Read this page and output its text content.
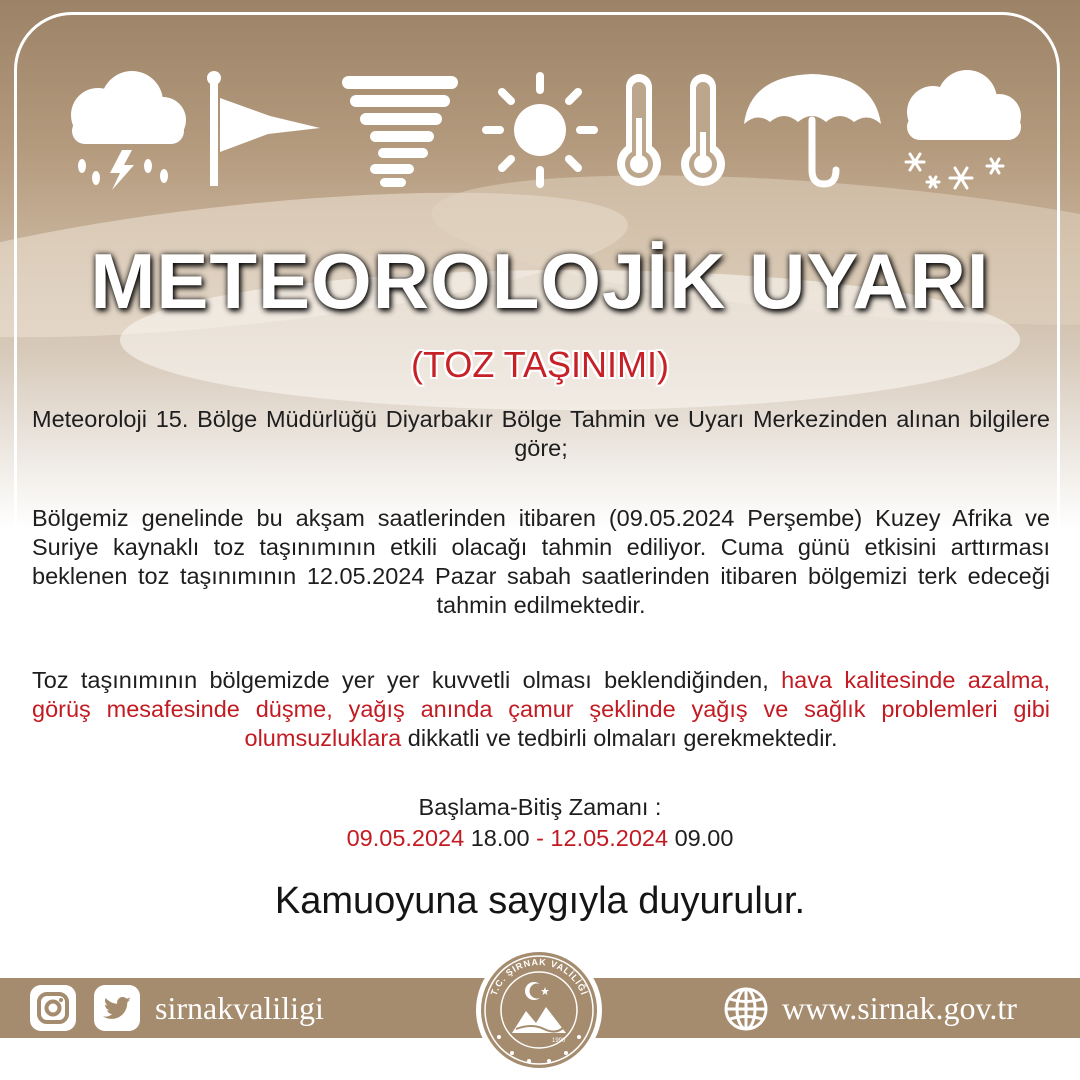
METEOROLOJİK UYARI
(TOZ TAŞINIMI)
Meteoroloji 15. Bölge Müdürlüğü Diyarbakır Bölge Tahmin ve Uyarı Merkezinden alınan bilgilere göre;
Bölgemiz genelinde bu akşam saatlerinden itibaren (09.05.2024 Perşembe) Kuzey Afrika ve Suriye kaynaklı toz taşınımının etkili olacağı tahmin ediliyor. Cuma günü etkisini arttırması beklenen toz taşınımının 12.05.2024 Pazar sabah saatlerinden itibaren bölgemizi terk edeceği tahmin edilmektedir.
Toz taşınımının bölgemizde yer yer kuvvetli olması beklendiğinden, hava kalitesinde azalma, görüş mesafesinde düşme, yağış anında çamur şeklinde yağış ve sağlık problemleri gibi olumsuzluklara dikkatli ve tedbirli olmaları gerekmektedir.
Başlama-Bitiş Zamanı :
09.05.2024 18.00 - 12.05.2024 09.00
Kamuoyuna saygıyla duyurulur.
sirnakvaliligi	www.sirnak.gov.tr
T.C. ŞIRNAK VALİLİĞİ
1990
